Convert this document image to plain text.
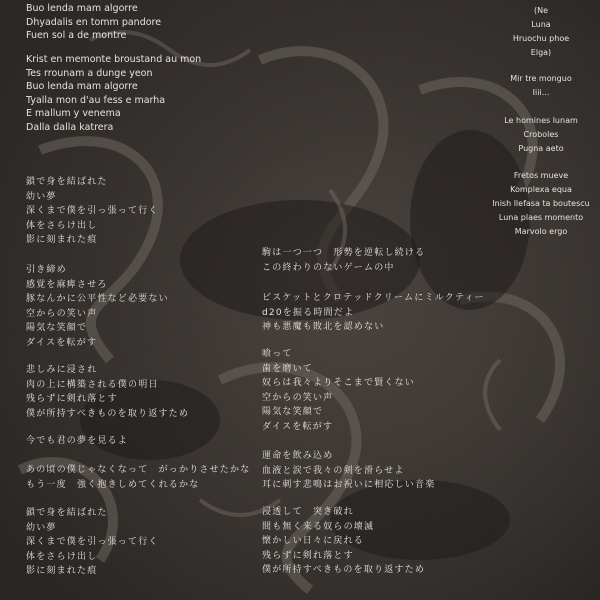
Buo lenda mam algorre
Dhyadalis en tomm pandore
Fuen sol a de montre
Krist en memonte broustand au mon
Tes rrounam a dunge yeon
Buo lenda mam algorre
Tyalla mon d'au fess e marha
E mallum y venema
Dalla dalla katrera
鎖で身を結ばれた
幼い夢
深くまで僕を引っ張って行く
体をさらけ出し
影に刻まれた痕
引き締め
感覚を麻痺させろ
豚なんかに公平性など必要ない
空からの笑い声
陽気な笑顔で
ダイスを転がす
悲しみに浸され
肉の上に構築される僕の明日
残らずに剣れ落とす
僕が所持すべきものを取り返すため
今でも君の夢を見るよ
あの頃の僕じゃなくなって　がっかりさせたかな
もう一度　強く抱きしめてくれるかな
鎖で身を結ばれた
幼い夢
深くまで僕を引っ張って行く
体をさらけ出し
影に刻まれた痕
駒は一つ一つ　形勢を逆転し続ける
この終わりのないゲームの中
ビスケットとクロテッドクリームにミルクティー
d20を振る時間だよ
神も悪魔も敗北を認めない
喰って
歯を磨いて
奴らは我々よりそこまで賢くない
空からの笑い声
陽気な笑顔で
ダイスを転がす
運命を飲み込め
血液と涙で我々の剣を滑らせよ
耳に刺す悲鳴はお祝いに相応しい音楽
浸透して　突き破れ
間も無く来る奴らの壊滅
懐かしい日々に戻れる
残らずに剣れ落とす
僕が所持すべきものを取り返すため
(Ne
Luna
Hruochu phoe
Elga)
Mir tre monguo
Iiii...
Le homines lunam
Croboles
Pugna aeto
Fretos mueve
Komplexa equa
Inish llefasa ta boutescu
Luna plaes momento
Marvolo ergo
